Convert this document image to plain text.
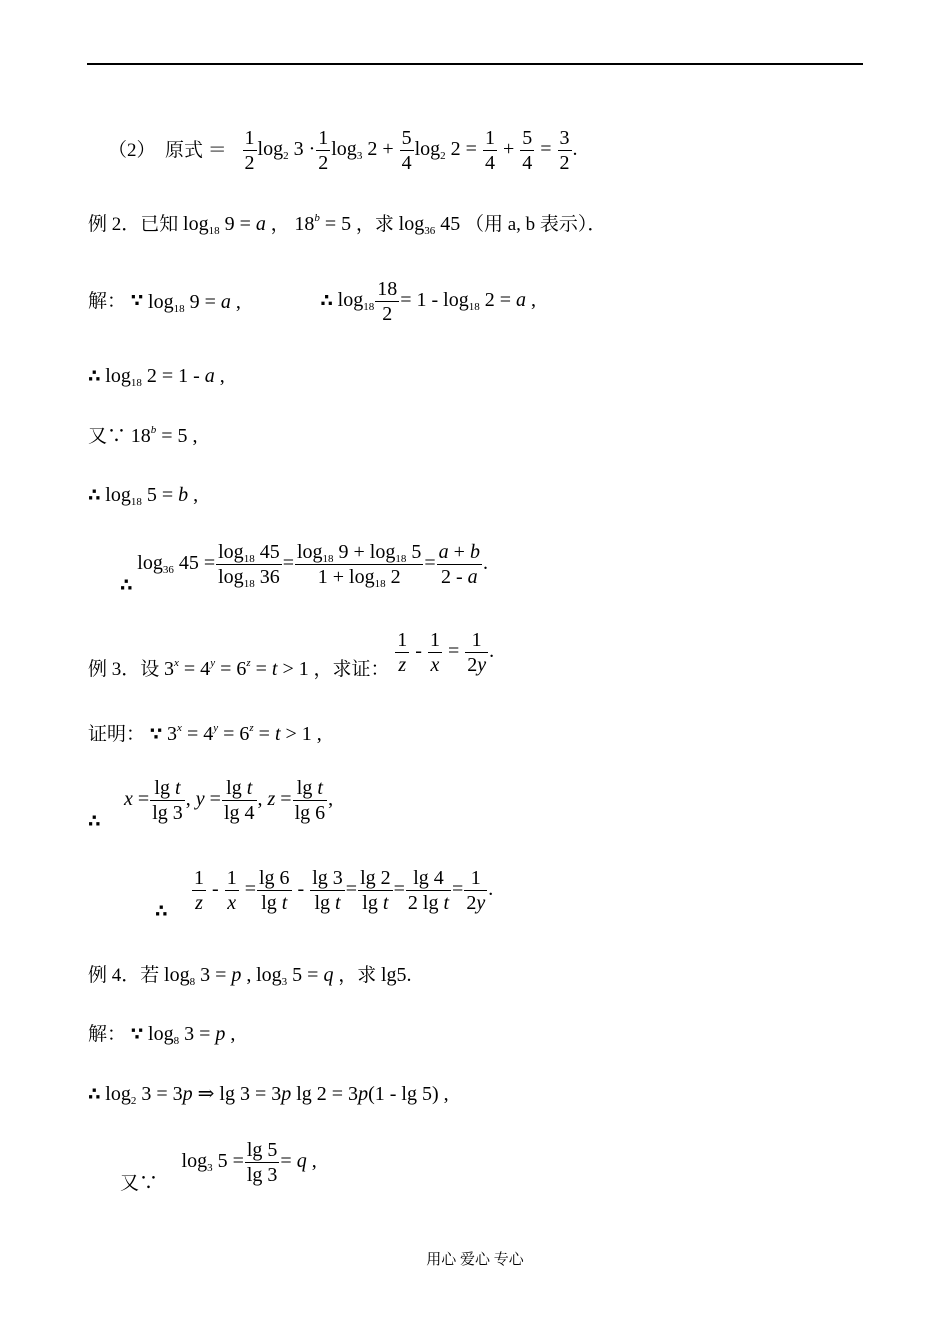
（2）　原式 ＝ $\frac{1}{2} \log_2 3 \cdot \frac{1}{2} \log_3 2 + \frac{5}{4} \log_2 2 = \frac{1}{4} + \frac{5}{4} = \frac{3}{2}$ .
例 2．已知 $\log_{18} 9 = a$ ， $18^b = 5$ ，求 $\log_{36} 45$ （用 a, b 表示）．
解： ∵ $\log_{18} 9 = a$ ,	∴ $\log_{18} \frac{18}{2} = 1 - \log_{18} 2 = a$ ,
∴ $\log_{18} 2 = 1 - a$ ,
又∵ $18^b = 5$ ,
∴ $\log_{18} 5 = b$ ,
∴ $\log_{36} 45 = \frac{\log_{18} 45}{\log_{18} 36} = \frac{\log_{18} 9 + \log_{18} 5}{1 + \log_{18} 2} = \frac{a + b}{2 - a}$ .
例 3．设 $3^x = 4^y = 6^z = t > 1$ ，求证： $\frac{1}{z} - \frac{1}{x} = \frac{1}{2y}$ .
证明： ∵ $3^x = 4^y = 6^z = t > 1$ ,
∴  $x = \frac{\text{lg t}}{\lg 3}$ , $y = \frac{\text{lg t}}{\lg 4}$ , $z = \frac{\text{lg t}}{\lg 6}$ ,
∴ $\frac{1}{z} - \frac{1}{x} = \frac{\lg 6}{\text{lg t}} - \frac{\lg 3}{\text{lg t}} = \frac{\lg 2}{\text{lg t}} = \frac{\lg 4}{\text{2 lg t}} = \frac{1}{2y}$ .
例 4．若 $\log_8 3 = p$ , $\log_3 5 = q$ ，求 lg5.
解： ∵ $\log_8 3 = p$ ,
∴ $\log_2 3 = 3p$ ⇒ lg 3 = 3p lg 2 = 3p(1 - lg 5) ,
又∵  $\log_3 5 = \frac{\lg 5}{\lg 3} = q$ ,
用心 爱心 专心
